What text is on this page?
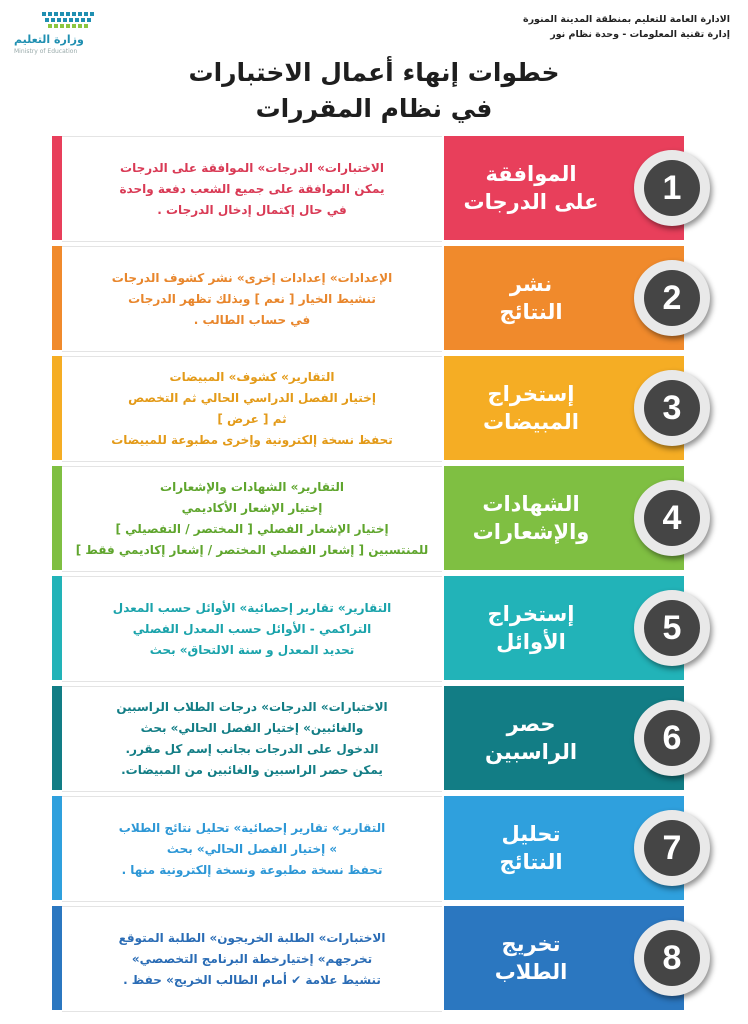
وزارة التعليم
Ministry of Education
الادارة العامة للتعليم بمنطقة المدينة المنورة
إدارة تقنية المعلومات - وحدة نظام نور
خطوات إنهاء أعمال الاختبارات
في نظام المقررات
الاختبارات» الدرجات» الموافقة على الدرجات
يمكن الموافقة على جميع الشعب دفعة واحدة
في حال إكتمال إدخال الدرجات .
الموافقة
على الدرجات	1
الإعدادات» إعدادات إخرى» نشر كشوف الدرجات
تنشيط الخيار [ نعم ] وبذلك تظهر الدرجات
في حساب الطالب .
نشر
النتائج	2
التقارير» كشوف» المبيضات
إختيار الفصل الدراسي الحالي ثم التخصص
ثم [ عرض ]
تحفظ نسخة إلكترونية وإخرى مطبوعة للمبيضات
إستخراج
المبيضات	3
التقارير» الشهادات والإشعارات
إختيار الإشعار الأكاديمي
إختيار الإشعار الفصلي [ المختصر / التفصيلي ]
للمنتسبين [ إشعار الفصلي المختصر / إشعار إكاديمي فقط ]
الشهادات
والإشعارات	4
التقارير» تقارير إحصائية» الأوائل حسب المعدل
التراكمي - الأوائل حسب المعدل الفصلي
تحديد المعدل و سنة الالتحاق» بحث
إستخراج
الأوائل	5
الاختبارات» الدرجات» درجات الطلاب الراسبين
والغائبين» إختيار الفصل الحالي» بحث
الدخول على الدرجات بجانب إسم كل مقرر.
يمكن حصر الراسبين والغائبين من المبيضات.
حصر
الراسبين	6
التقارير» تقارير إحصائية» تحليل نتائج الطلاب
» إختيار الفصل الحالي» بحث
تحفظ نسخة مطبوعة ونسخة إلكترونية منها .
تحليل
النتائج	7
الاختبارات» الطلبة الخريجون» الطلبة المتوقع
تخرجهم» إختيارخطة البرنامج التخصصي»
تنشيط علامة ✔ أمام الطالب الخريج» حفظ .
تخريج
الطلاب	8
